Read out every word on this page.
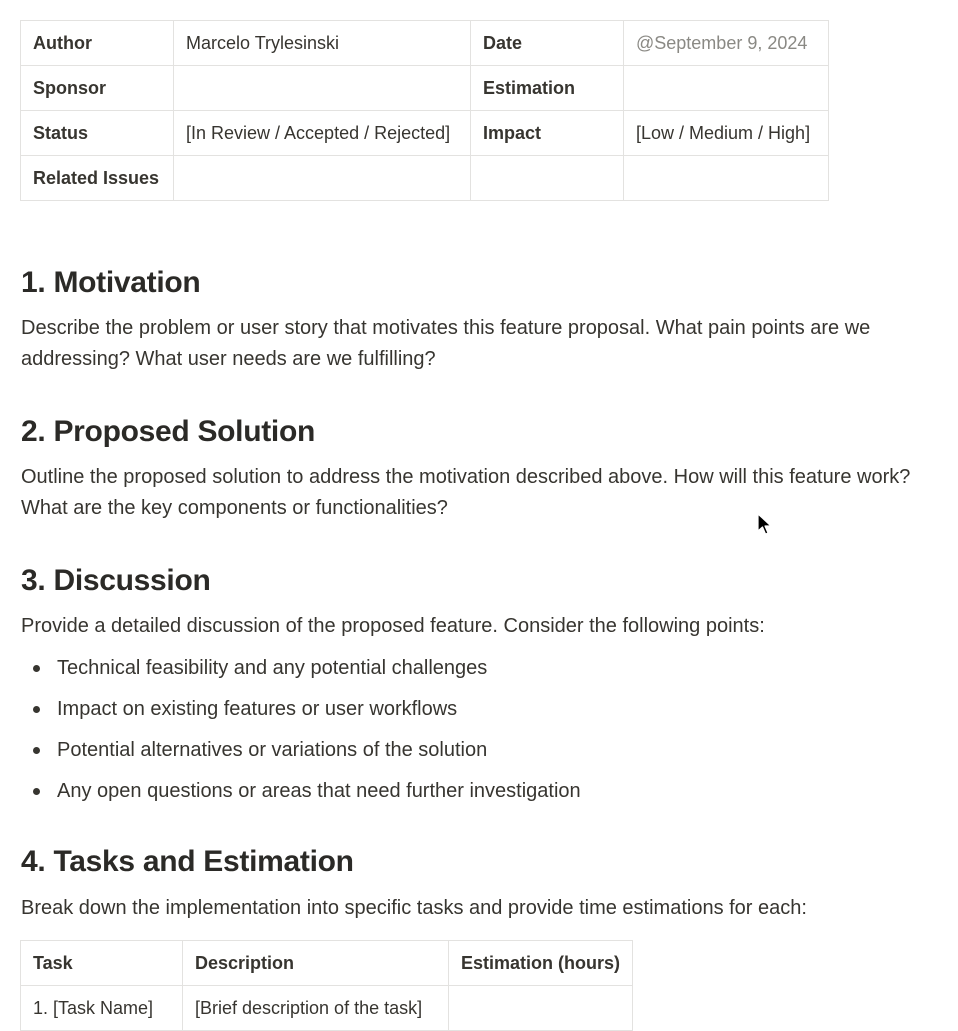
Author	Marcelo Trylesinski	Date	@September 9, 2024
Sponsor		Estimation	
Status	[In Review / Accepted / Rejected]	Impact	[Low / Medium / High]
Related Issues			
1. Motivation

Describe the problem or user story that motivates this feature proposal. What pain points are we addressing? What user needs are we fulfilling?

2. Proposed Solution

Outline the proposed solution to address the motivation described above. How will this feature work? What are the key components or functionalities?

3. Discussion

Provide a detailed discussion of the proposed feature. Consider the following points:

Technical feasibility and any potential challenges
Impact on existing features or user workflows
Potential alternatives or variations of the solution
Any open questions or areas that need further investigation
4. Tasks and Estimation

Break down the implementation into specific tasks and provide time estimations for each:

Task	Description	Estimation (hours)
1. [Task Name]	[Brief description of the task]	
